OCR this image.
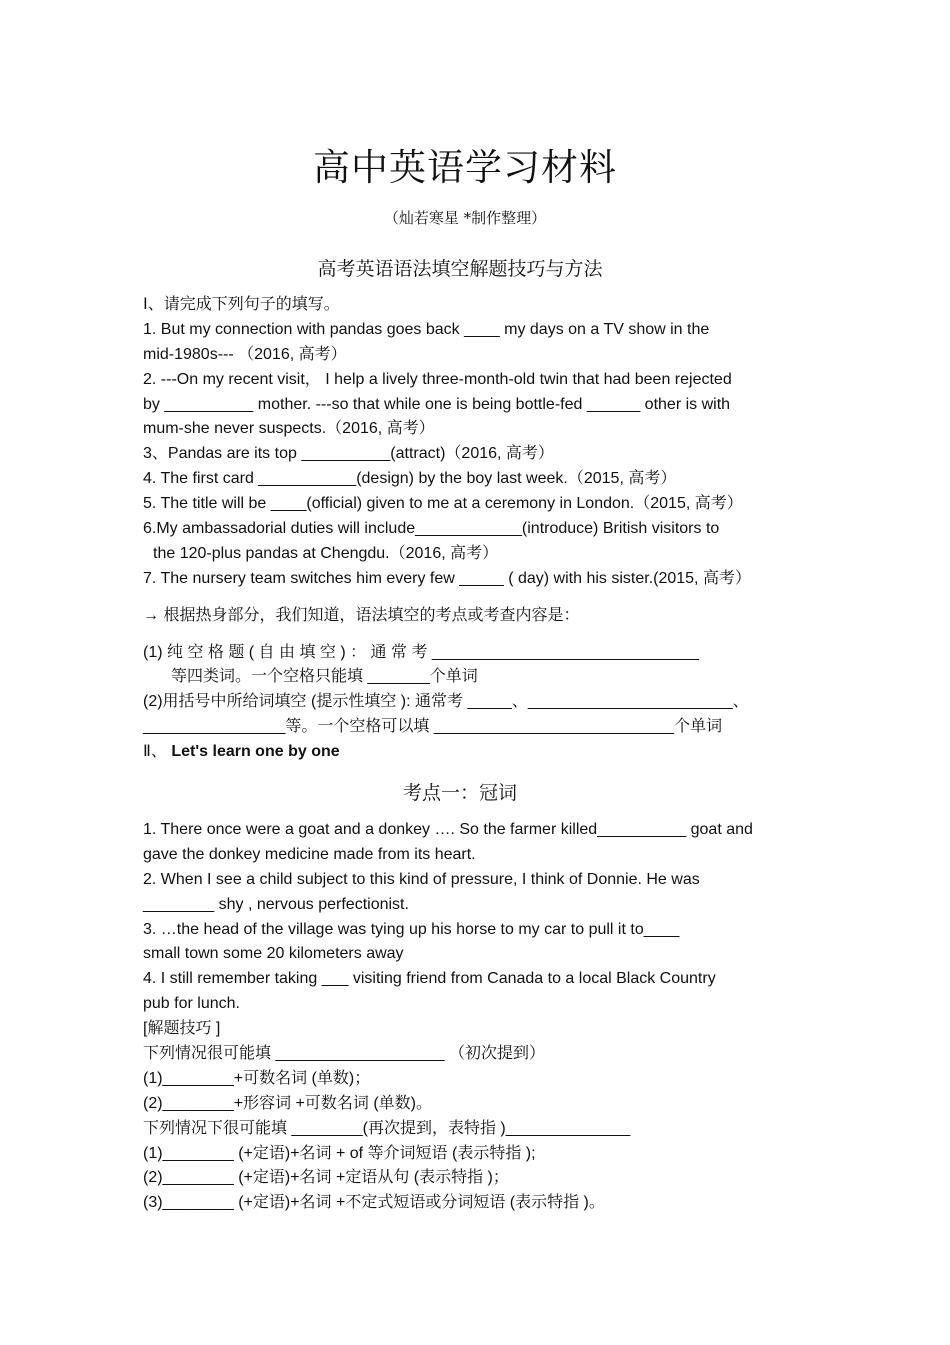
高中英语学习材料
（灿若寒星 *制作整理）
高考英语语法填空解题技巧与方法
Ⅰ、请完成下列句子的填写。
1. But my connection with pandas goes back ____ my days on a TV show in the
mid-1980s--- （2016, 高考）
2. ---On my recent visit， I help a lively three-month-old twin that had been rejected
by __________ mother. ---so that while one is being bottle-fed ______ other is with
mum-she never suspects.（2016, 高考）
3、Pandas are its top __________(attract)（2016, 高考）
4. The first card ___________(design) by the boy last week.（2015, 高考）
5. The title will be ____(official) given to me at a ceremony in London.（2015, 高考）
6.My ambassadorial duties will include____________(introduce) British visitors to
the 120-plus pandas at Chengdu.（2016, 高考）
7. The nursery team switches him every few _____ ( day) with his sister.(2015, 高考）
→ 根据热身部分，我们知道，语法填空的考点或考查内容是：
(1) 纯 空 格 题 ( 自 由 填 空 ) ： 通 常 考 ______________________________
等四类词。一个空格只能填 _______个单词
(2)用括号中所给词填空 (提示性填空 ): 通常考 _____、_______________________、
________________等。一个空格可以填 ___________________________个单词
Ⅱ、 Let's learn one by one
考点一：冠词
1. There once were a goat and a donkey …. So the farmer killed__________ goat and
gave the donkey medicine made from its heart.
2. When I see a child subject to this kind of pressure, I think of Donnie. He was
________ shy , nervous perfectionist.
3. …the head of the village was tying up his horse to my car to pull it to____
small town some 20 kilometers away
4. I still remember taking ___ visiting friend from Canada to a local Black Country
pub for lunch.
[解题技巧 ]
下列情况很可能填 ___________________ （初次提到）
(1)________+可数名词 (单数)；
(2)________+形容词 +可数名词 (单数)。
下列情况下很可能填 ________(再次提到，表特指 )______________
(1)________ (+定语)+名词 + of 等介词短语 (表示特指 );
(2)________ (+定语)+名词 +定语从句 (表示特指 )；
(3)________ (+定语)+名词 +不定式短语或分词短语 (表示特指 )。
